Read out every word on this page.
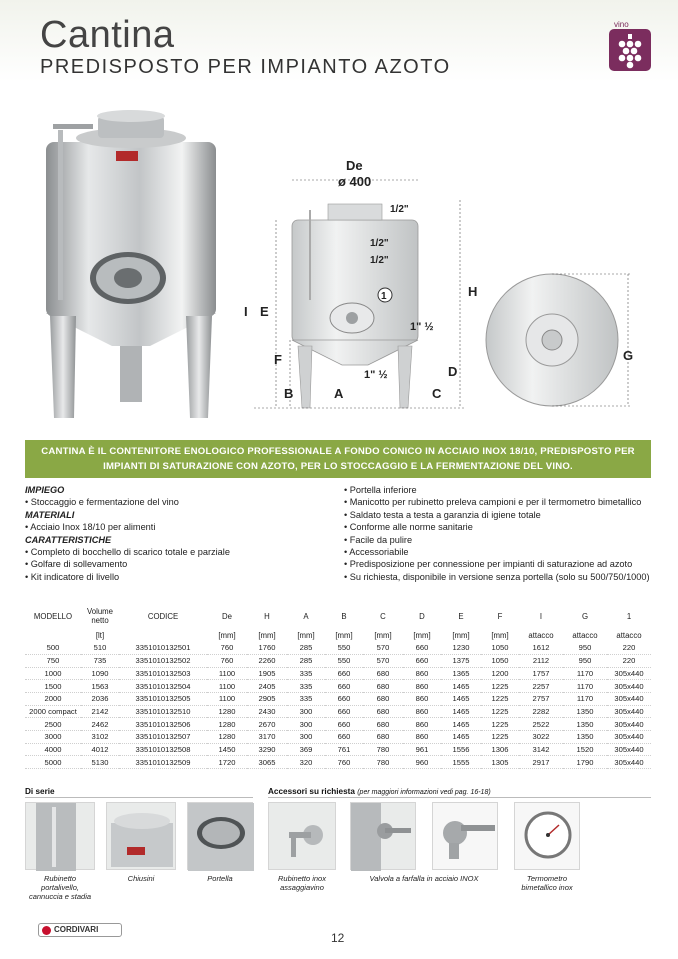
Cantina
PREDISPOSTO PER IMPIANTO AZOTO
vino
De
ø 400
1/2"
1/2"
1/2"
1
1" ½
1" ½
H
I E
F
B	A	C
D
G
CANTINA È IL CONTENITORE ENOLOGICO PROFESSIONALE A FONDO CONICO IN ACCIAIO INOX 18/10, PREDISPOSTO PER
IMPIANTI DI SATURAZIONE CON AZOTO, PER LO STOCCAGGIO E LA FERMENTAZIONE DEL VINO.
IMPIEGO
• Stoccaggio e fermentazione del vino
MATERIALI
• Acciaio Inox 18/10 per alimenti
CARATTERISTICHE
• Completo di bocchello di scarico totale e parziale
• Golfare di sollevamento
• Kit indicatore di livello
• Portella inferiore
• Manicotto per rubinetto preleva campioni e per il termometro bimetallico
• Saldato testa a testa a garanzia di igiene totale
• Conforme alle norme sanitarie
• Facile da pulire
• Accessoriabile
• Predisposizione per connessione per impianti di saturazione ad azoto
• Su richiesta, disponibile in versione senza portella (solo su 500/750/1000)
MODELLO	Volume
netto	CODICE	De	H	A	B	C	D	E	F	I	G	1
	[lt]		[mm]	[mm]	[mm]	[mm]	[mm]	[mm]	[mm]	[mm]	attacco	attacco	attacco
500	510	3351010132501	760	1760	285	550	570	660	1230	1050	1612	950	220
750	735	3351010132502	760	2260	285	550	570	660	1375	1050	2112	950	220
1000	1090	3351010132503	1100	1905	335	660	680	860	1365	1200	1757	1170	305x440
1500	1563	3351010132504	1100	2405	335	660	680	860	1465	1225	2257	1170	305x440
2000	2036	3351010132505	1100	2905	335	660	680	860	1465	1225	2757	1170	305x440
2000 compact	2142	3351010132510	1280	2430	300	660	680	860	1465	1225	2282	1350	305x440
2500	2462	3351010132506	1280	2670	300	660	680	860	1465	1225	2522	1350	305x440
3000	3102	3351010132507	1280	3170	300	660	680	860	1465	1225	3022	1350	305x440
4000	4012	3351010132508	1450	3290	369	761	780	961	1556	1306	3142	1520	305x440
5000	5130	3351010132509	1720	3065	320	760	780	960	1555	1305	2917	1790	305x440
Di serie	Accessori su richiesta (per maggiori informazioni vedi pag. 16-18)
Rubinetto
portalivello,
cannuccia e stadia
Chiusini	Portella	Rubinetto inox
assaggiavino
Valvola a farfalla in acciaio INOX	Termometro
bimetallico inox
CORDIVARI
12
